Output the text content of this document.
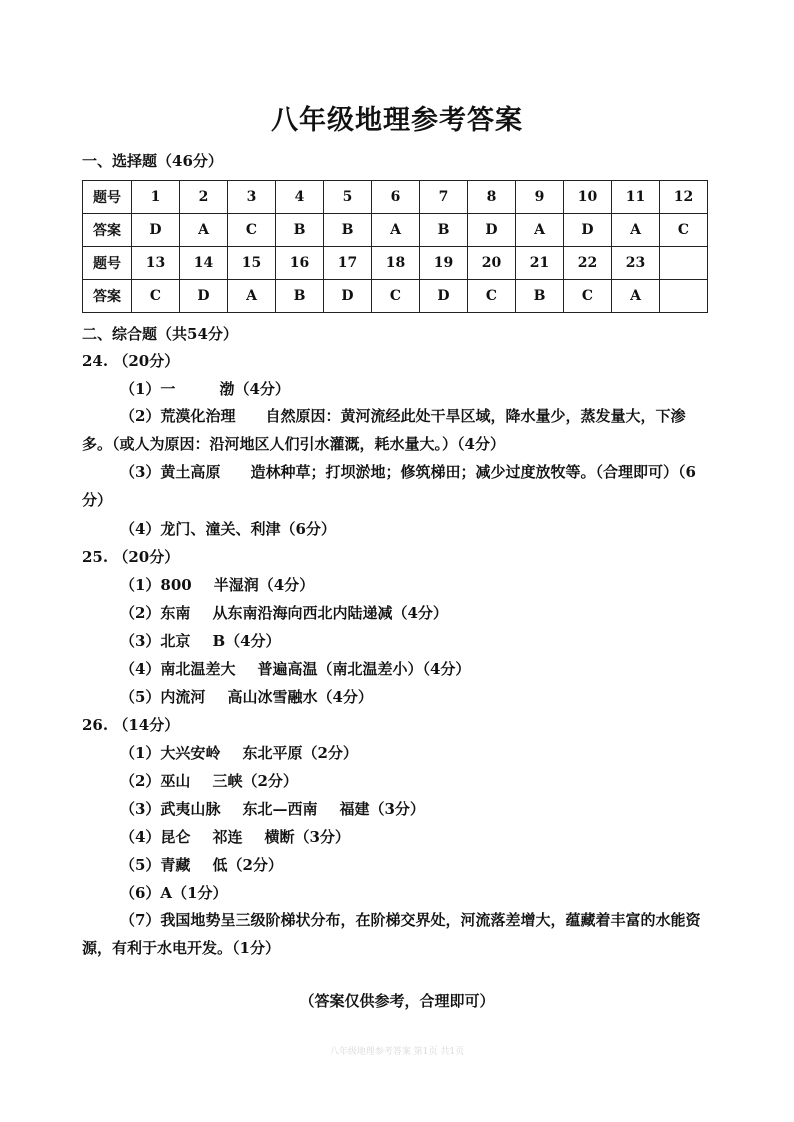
八年级地理参考答案
一、选择题（46分）
题号	1	2	3	4	5	6	7	8	9	10	11	12
答案	D	A	C	B	B	A	B	D	A	D	A	C
题号	13	14	15	16	17	18	19	20	21	22	23	
答案	C	D	A	B	D	C	D	C	B	C	A	
二、综合题（共54分）
24. （20分）
（1）一	渤（4分）
（2）荒漠化治理　　自然原因：黄河流经此处干旱区域，降水量少，蒸发量大，下渗多。（或人为原因：沿河地区人们引水灌溉，耗水量大。）（4分）
（3）黄土高原　　造林种草；打坝淤地；修筑梯田；减少过度放牧等。（合理即可）（6分）
（4）龙门、潼关、利津（6分）
25. （20分）
（1）800 半湿润（4分）
（2）东南 从东南沿海向西北内陆递减（4分）
（3）北京 B（4分）
（4）南北温差大 普遍高温（南北温差小）（4分）
（5）内流河 高山冰雪融水（4分）
26. （14分）
（1）大兴安岭 东北平原（2分）
（2）巫山 三峡（2分）
（3）武夷山脉 东北—西南 福建（3分）
（4）昆仑 祁连 横断（3分）
（5）青藏 低（2分）
（6）A（1分）
（7）我国地势呈三级阶梯状分布，在阶梯交界处，河流落差增大，蕴藏着丰富的水能资源，有利于水电开发。（1分）
（答案仅供参考，合理即可）
八年级地理参考答案 第1页 共1页
